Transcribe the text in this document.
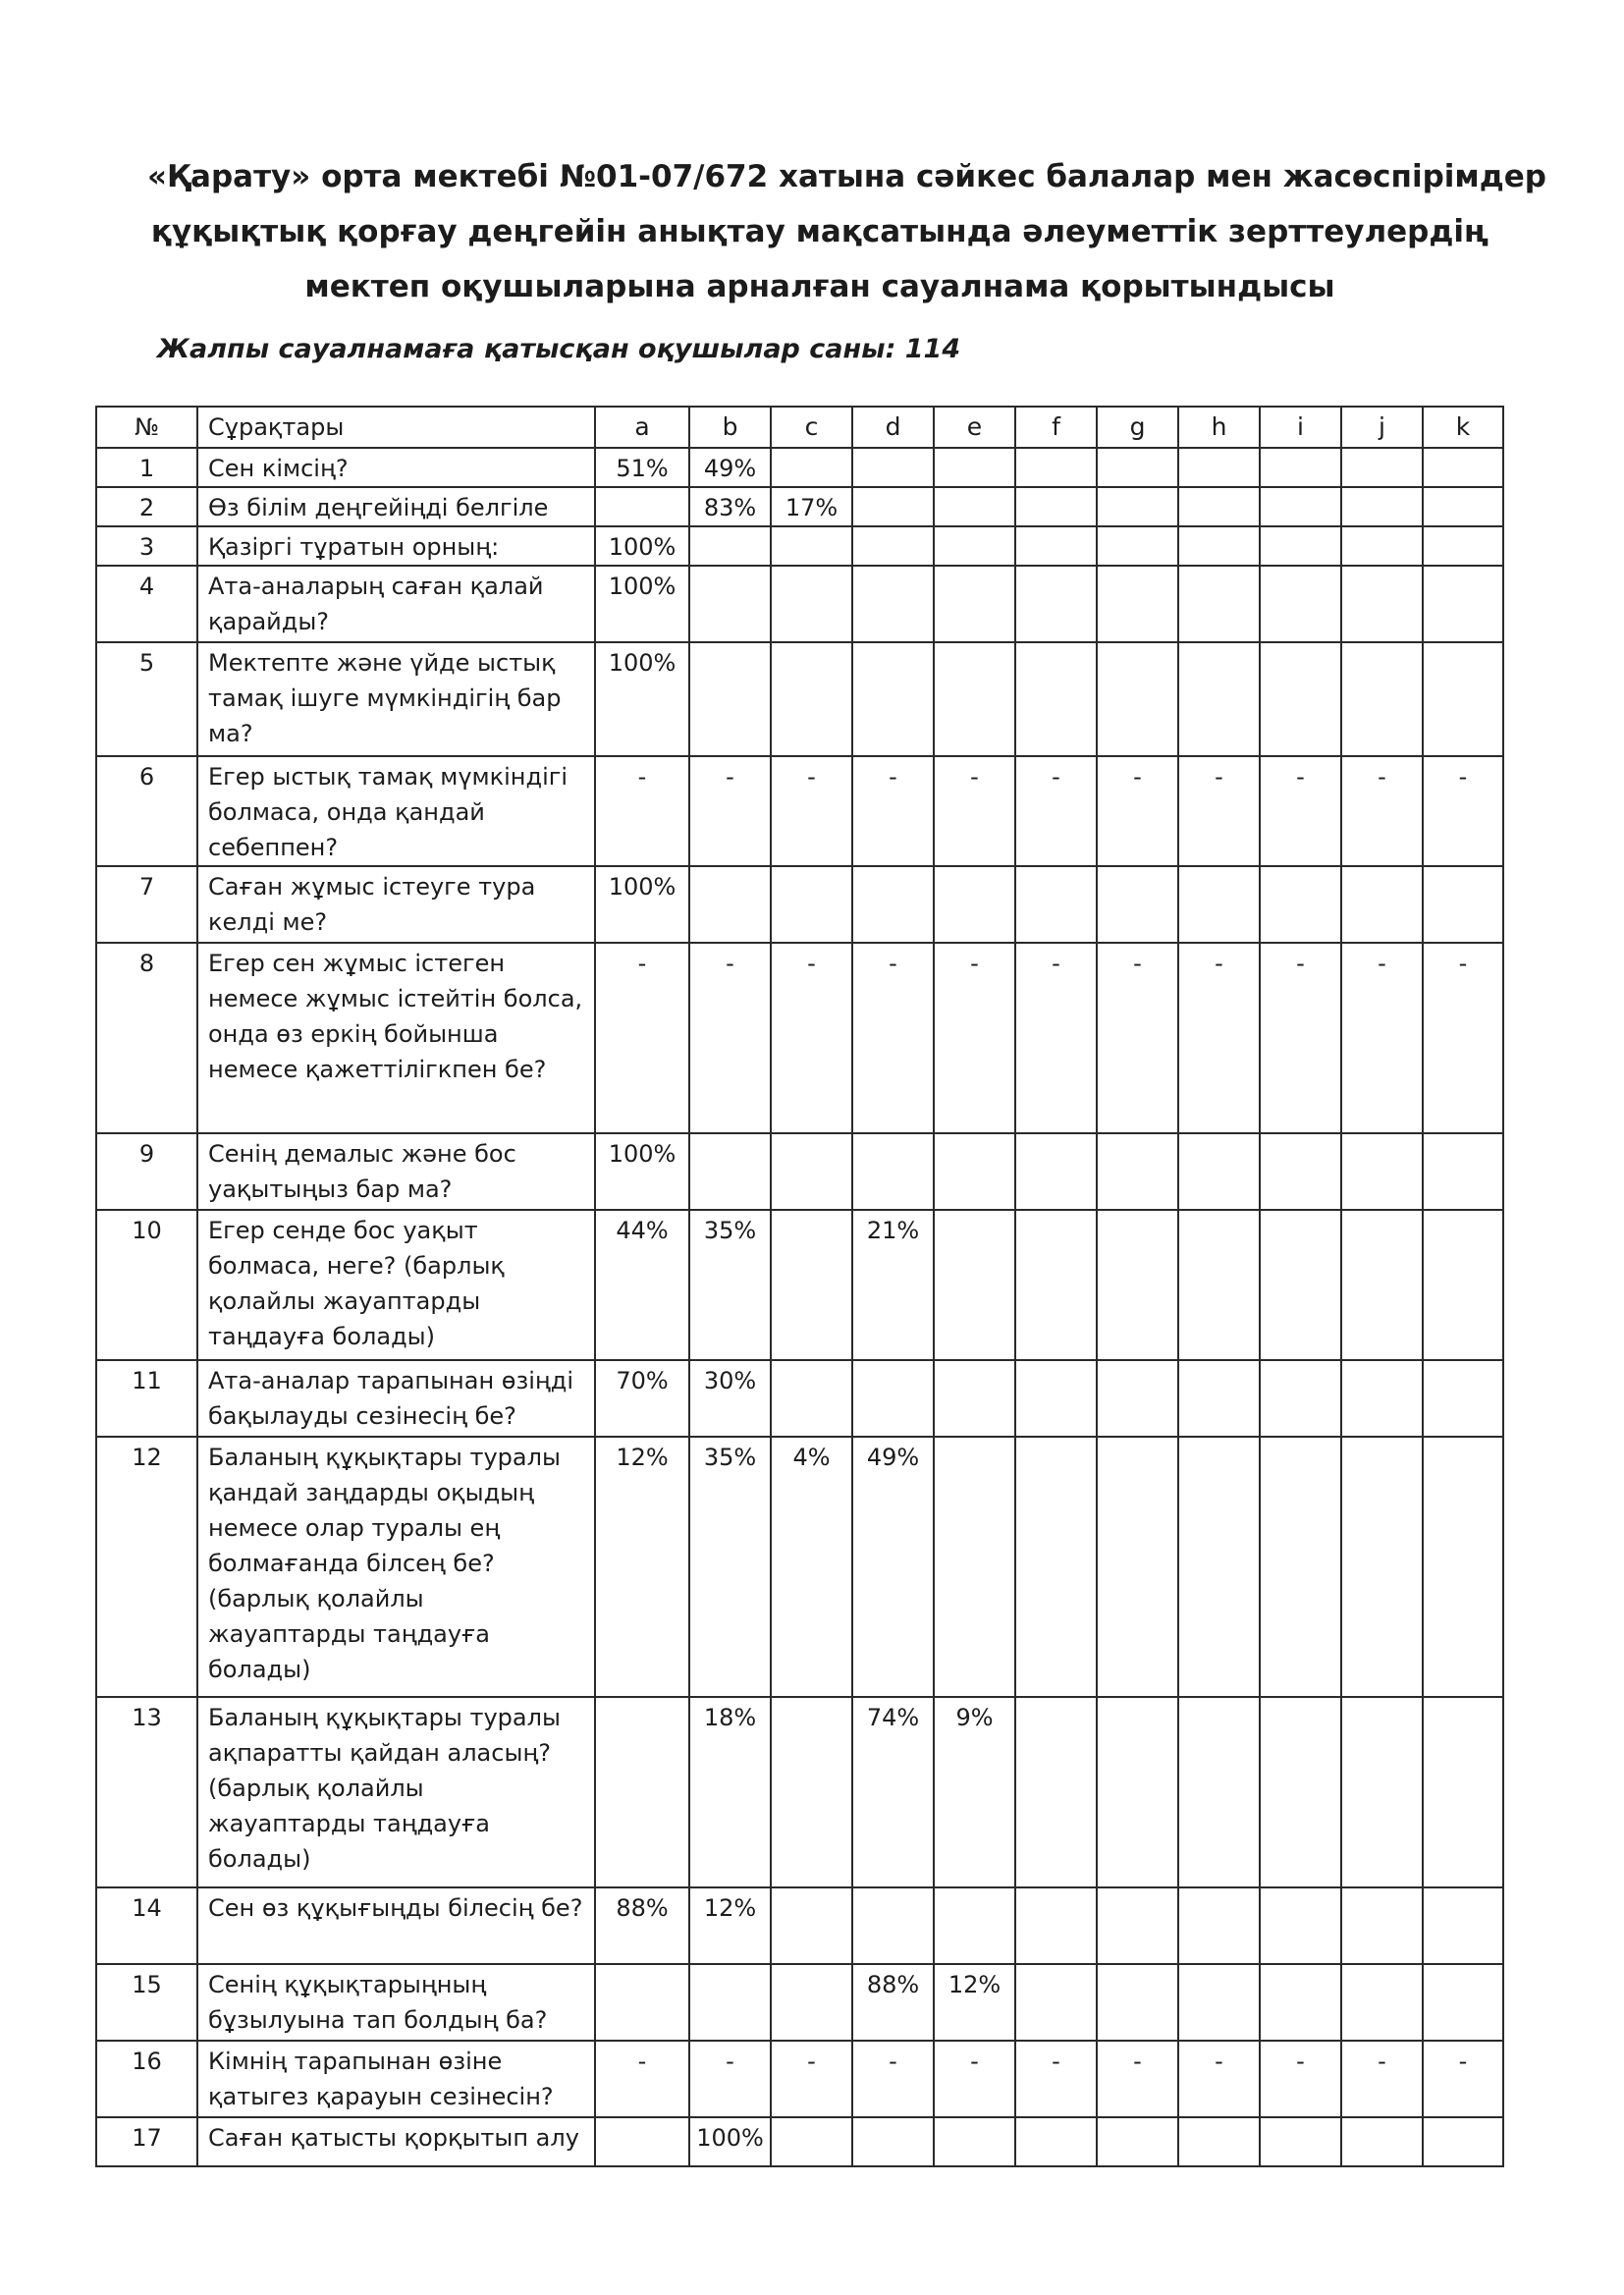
«Қарату» орта мектебі №01-07/672 хатына сәйкес балалар мен жасөспірімдер
құқықтық қорғау деңгейін анықтау мақсатында әлеуметтік зерттеулердің
мектеп оқушыларына арналған сауалнама қорытындысы
Жалпы сауалнамаға қатысқан оқушылар саны: 114
№	Сұрақтары	a	b	c	d	e	f	g	h	i	j	k
1	Сен кімсің?	51%	49%									
2	Өз білім деңгейіңді белгіле		83%	17%								
3	Қазіргі тұратын орның:	100%										
4	Ата-аналарың саған қалай қарайды?	100%										
5	Мектепте және үйде ыстық тамақ ішуге мүмкіндігің бар ма?	100%										
6	Егер ыстық тамақ мүмкіндігі болмаса, онда қандай себеппен?	-	-	-	-	-	-	-	-	-	-	-
7	Саған жұмыс істеуге тура келді ме?	100%										
8	Егер сен жұмыс істеген немесе жұмыс істейтін болса, онда өз еркің бойынша немесе қажеттілігкпен бе?	-	-	-	-	-	-	-	-	-	-	-
9	Сенің демалыс және бос уақытыңыз бар ма?	100%										
10	Егер сенде бос уақыт болмаса, неге? (барлық қолайлы жауаптарды таңдауға болады)	44%	35%		21%							
11	Ата-аналар тарапынан өзіңді бақылауды сезінесің бе?	70%	30%									
12	Баланың құқықтары туралы қандай заңдарды оқыдың немесе олар туралы ең болмағанда білсең бе? (барлық қолайлы жауаптарды таңдауға болады)	12%	35%	4%	49%							
13	Баланың құқықтары туралы ақпаратты қайдан аласың? (барлық қолайлы жауаптарды таңдауға болады)		18%		74%	9%						
14	Сен өз құқығыңды білесің бе?	88%	12%									
15	Сенің құқықтарыңның бұзылуына тап болдың ба?				88%	12%						
16	Кімнің тарапынан өзіне қатыгез қарауын сезінесін?	-	-	-	-	-	-	-	-	-	-	-
17	Саған қатысты қорқытып алу		100%									
